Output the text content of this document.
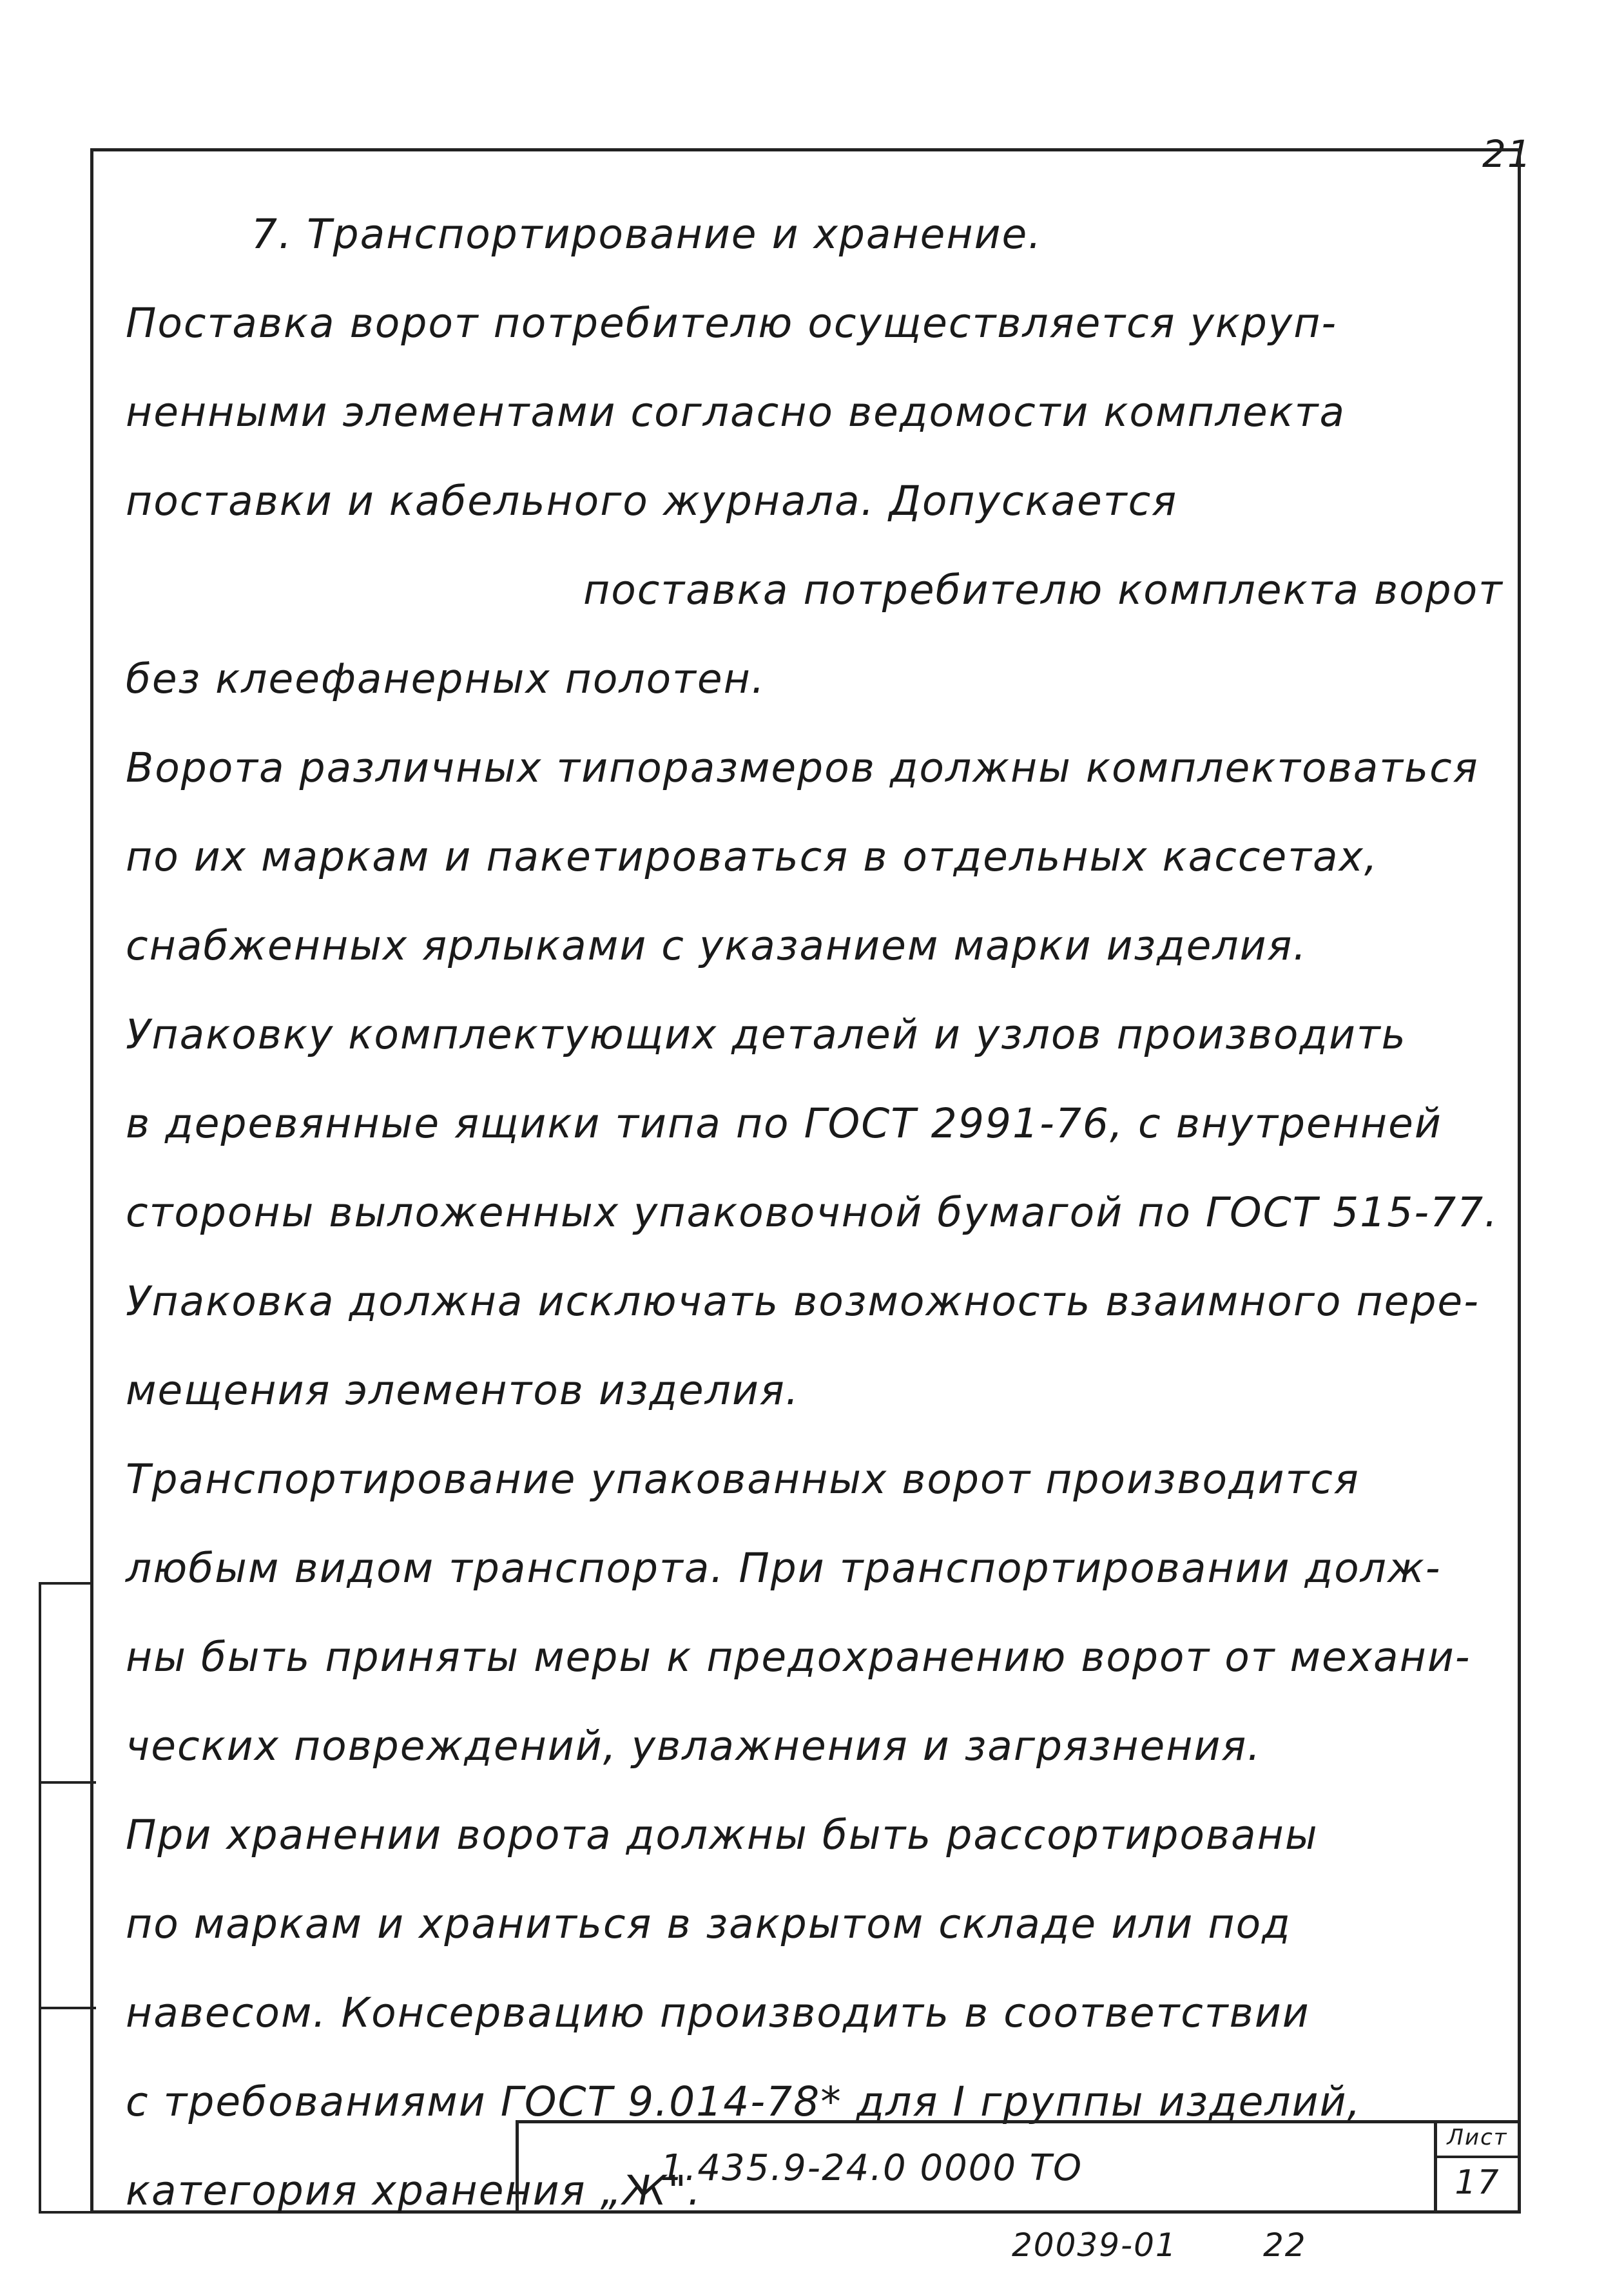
21
7. Транспортирование и хранение.
Поставка ворот потребителю осуществляется укруп-
ненными элементами согласно ведомости комплекта
поставки и кабельного журнала. Допускается
поставка потребителю комплекта ворот
без клеефанерных полотен.
Ворота различных типоразмеров должны комплектоваться
по их маркам и пакетироваться в отдельных кассетах,
снабженных ярлыками с указанием марки изделия.
Упаковку комплектующих деталей и узлов производить
в деревянные ящики типа по ГОСТ 2991-76, с внутренней
стороны выложенных упаковочной бумагой по ГОСТ 515-77.
Упаковка должна исключать возможность взаимного пере-
мещения элементов изделия.
Транспортирование упакованных ворот производится
любым видом транспорта. При транспортировании долж-
ны быть приняты меры к предохранению ворот от механи-
ческих повреждений, увлажнения и загрязнения.
При хранении ворота должны быть рассортированы
по маркам и храниться в закрытом складе или под
навесом. Консервацию производить в соответствии
с требованиями ГОСТ 9.014-78* для I группы изделий,
категория хранения „Ж".
1.435.9-24.0 0000 ТО
Лист
17
20039-01	22
